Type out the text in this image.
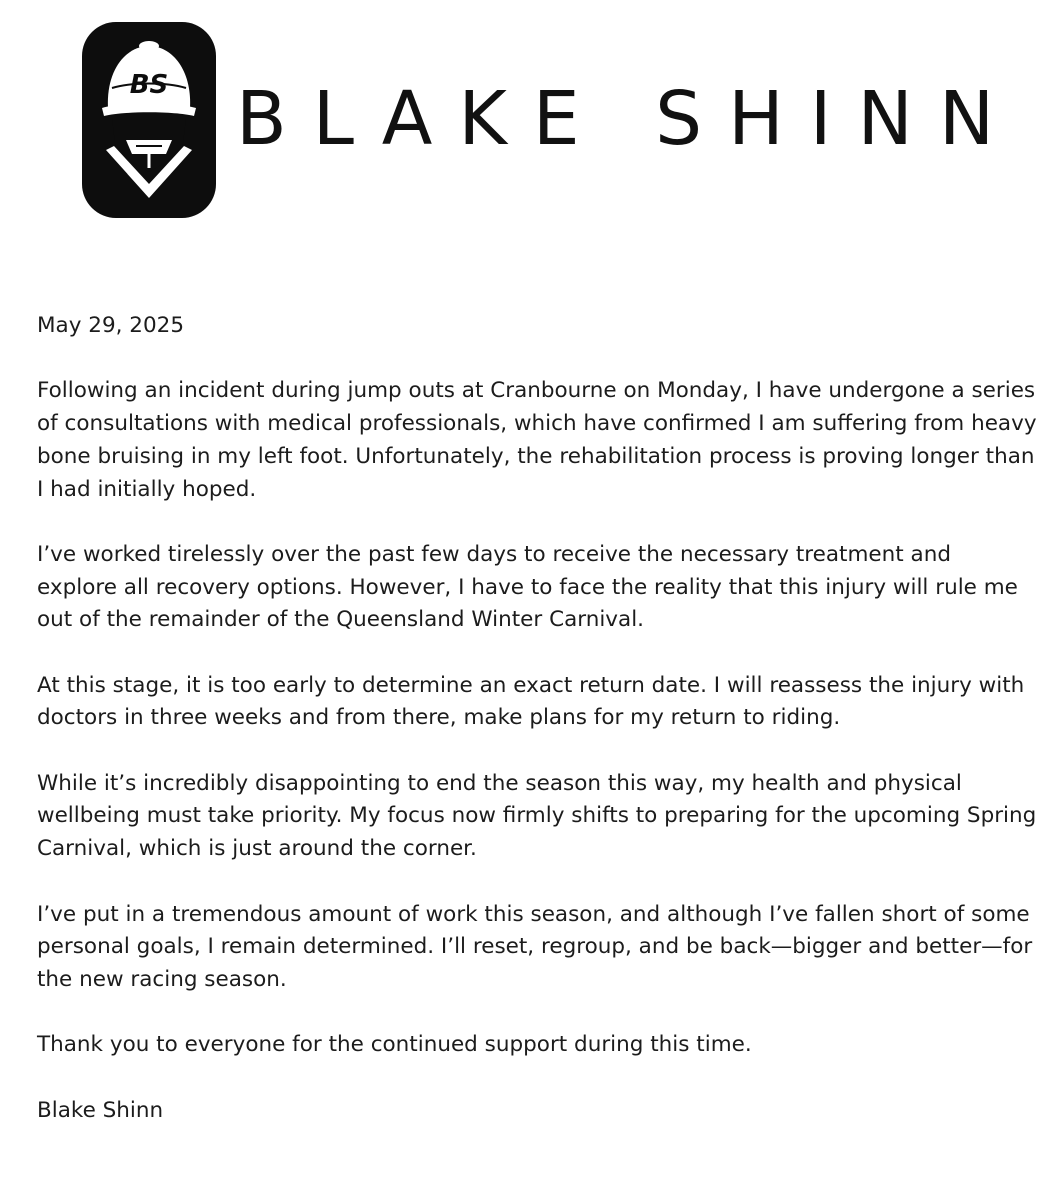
BS BLAKE SHINN

May 29, 2025

Following an incident during jump outs at Cranbourne on Monday, I have undergone a series of consultations with medical professionals, which have confirmed I am suffering from heavy bone bruising in my left foot. Unfortunately, the rehabilitation process is proving longer than I had initially hoped.

I’ve worked tirelessly over the past few days to receive the necessary treatment and explore all recovery options. However, I have to face the reality that this injury will rule me out of the remainder of the Queensland Winter Carnival.

At this stage, it is too early to determine an exact return date. I will reassess the injury with doctors in three weeks and from there, make plans for my return to riding.

While it’s incredibly disappointing to end the season this way, my health and physical wellbeing must take priority. My focus now firmly shifts to preparing for the upcoming Spring Carnival, which is just around the corner.

I’ve put in a tremendous amount of work this season, and although I’ve fallen short of some personal goals, I remain determined. I’ll reset, regroup, and be back—bigger and better—for the new racing season.

Thank you to everyone for the continued support during this time.

Blake Shinn
